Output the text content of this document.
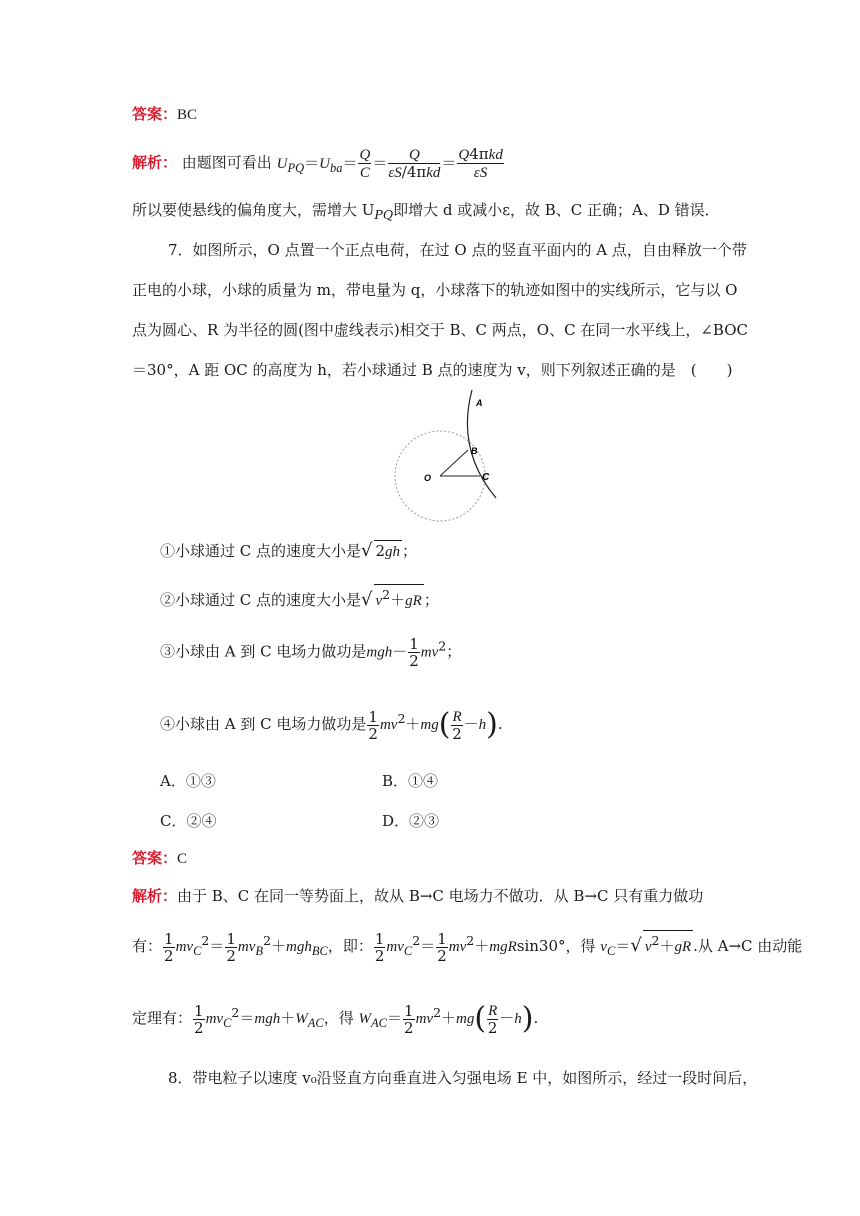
答案：BC
解析： 由题图可看出 $U_{PQ}=U_{ba}= \frac{Q}{C} = \frac{Q}{\text{εS/4πkd}} = \frac{\text{Q4πkd}}{\varepsilon S}$
所以要使悬线的偏角度大，需增大 $U_{PQ}$即增大 d 或减小ε，故 B、C 正确；A、D 错误．
7．如图所示，O 点置一个正点电荷，在过 O 点的竖直平面内的 A 点，自由释放一个带
正电的小球，小球的质量为 m，带电量为 q，小球落下的轨迹如图中的实线所示，它与以 O
点为圆心、R 为半径的圆(图中虚线表示)相交于 B、C 两点，O、C 在同一水平线上，∠BOC
＝30°，A 距 OC 的高度为 h，若小球通过 B 点的速度为 v，则下列叙述正确的是　(　　)
A
B
C
O
①小球通过 C 点的速度大小是√ 2gh ；
②小球通过 C 点的速度大小是√ $v^2+gR$ ；
③小球由 A 到 C 电场力做功是$mgh- \frac{1}{2} mv^2$；
④小球由 A 到 C 电场力做功是 $\frac{1}{2} mv^2+mg( \frac{R}{2} -h)$.
A．①③	B．①④
C．②④	D．②③
答案：C
解析：由于 B、C 在同一等势面上，故从 B→C 电场力不做功．从 B→C 只有重力做功
有： $\frac{1}{2} mv_C^2= \frac{1}{2} mv_B^2+mgh_{BC}$，即： $\frac{1}{2} mv_C^2= \frac{1}{2} mv^2+mgRsin30^\circ$，得 $v_C=√$ $v^2+gR$ .从 A→C 由动能
定理有： $\frac{1}{2} mv_C^2=mgh+W_{AC}$，得 $W_{AC}= \frac{1}{2} mv^2+mg( \frac{R}{2} -h)$.
8．带电粒子以速度 v₀沿竖直方向垂直进入匀强电场 E 中，如图所示，经过一段时间后，
